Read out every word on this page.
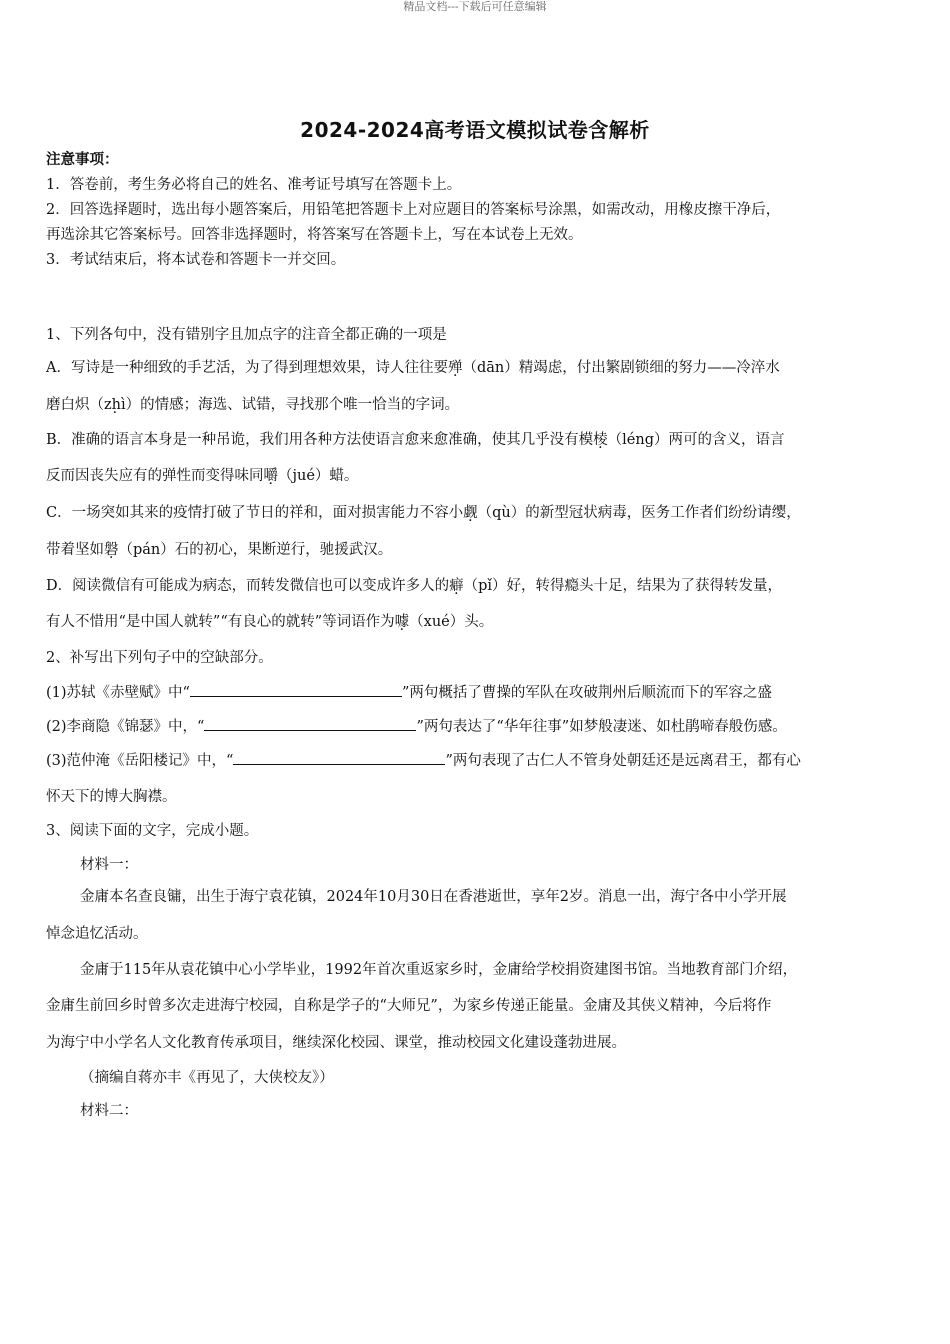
精品文档---下载后可任意编辑
2024-2024高考语文模拟试卷含解析
注意事项：
1．答卷前，考生务必将自己的姓名、准考证号填写在答题卡上。
2．回答选择题时，选出每小题答案后，用铅笔把答题卡上对应题目的答案标号涂黑，如需改动，用橡皮擦干净后，
再选涂其它答案标号。回答非选择题时，将答案写在答题卡上，写在本试卷上无效。
3．考试结束后，将本试卷和答题卡一并交回。
1、下列各句中，没有错别字且加点字的注音全都正确的一项是
A．写诗是一种细致的手艺活，为了得到理想效果，诗人往往要殚（dān）精竭虑，付出繁剧锁细的努力——冷淬水
磨白炽（zhì ·）的情感；海选、试错，寻找那个唯一恰当的字词。
B．准确的语言本身是一种吊诡，我们用各种方法使语言愈来愈准确，使其几乎没有模棱（léng）两可的含义，语言
反而因丧失应有的弹性而变得味同嚼（jué）蜡。
C．一场突如其来的疫情打破了节日的祥和，面对损害能力不容小觑（qù）的新型冠状病毒，医务工作者们纷纷请缨，
带着坚如磐（pán）石的初心，果断逆行，驰援武汉。
D．阅读微信有可能成为病态，而转发微信也可以变成许多人的癖（pǐ）好，转得瘾头十足，结果为了获得转发量，
有人不惜用“是中国人就转”“有良心的就转”等词语作为噱（xué）头。
2、补写出下列句子中的空缺部分。
(1)苏轼《赤壁赋》中“	”两句概括了曹操的军队在攻破荆州后顺流而下的军容之盛
(2)李商隐《锦瑟》中，“	”两句表达了“华年往事”如梦般凄迷、如杜鹃啼春般伤感。
(3)范仲淹《岳阳楼记》中，“	”两句表现了古仁人不管身处朝廷还是远离君王，都有心
怀天下的博大胸襟。
3、阅读下面的文字，完成小题。
材料一：
金庸本名查良镛，出生于海宁袁花镇，2024年10月30日在香港逝世，享年2岁。消息一出，海宁各中小学开展
悼念追忆活动。
金庸于115年从袁花镇中心小学毕业，1992年首次重返家乡时，金庸给学校捐资建图书馆。当地教育部门介绍，
金庸生前回乡时曾多次走进海宁校园，自称是学子的“大师兄”，为家乡传递正能量。金庸及其侠义精神，今后将作
为海宁中小学名人文化教育传承项目，继续深化校园、课堂，推动校园文化建设蓬勃进展。
（摘编自蒋亦丰《再见了，大侠校友》）
材料二：
